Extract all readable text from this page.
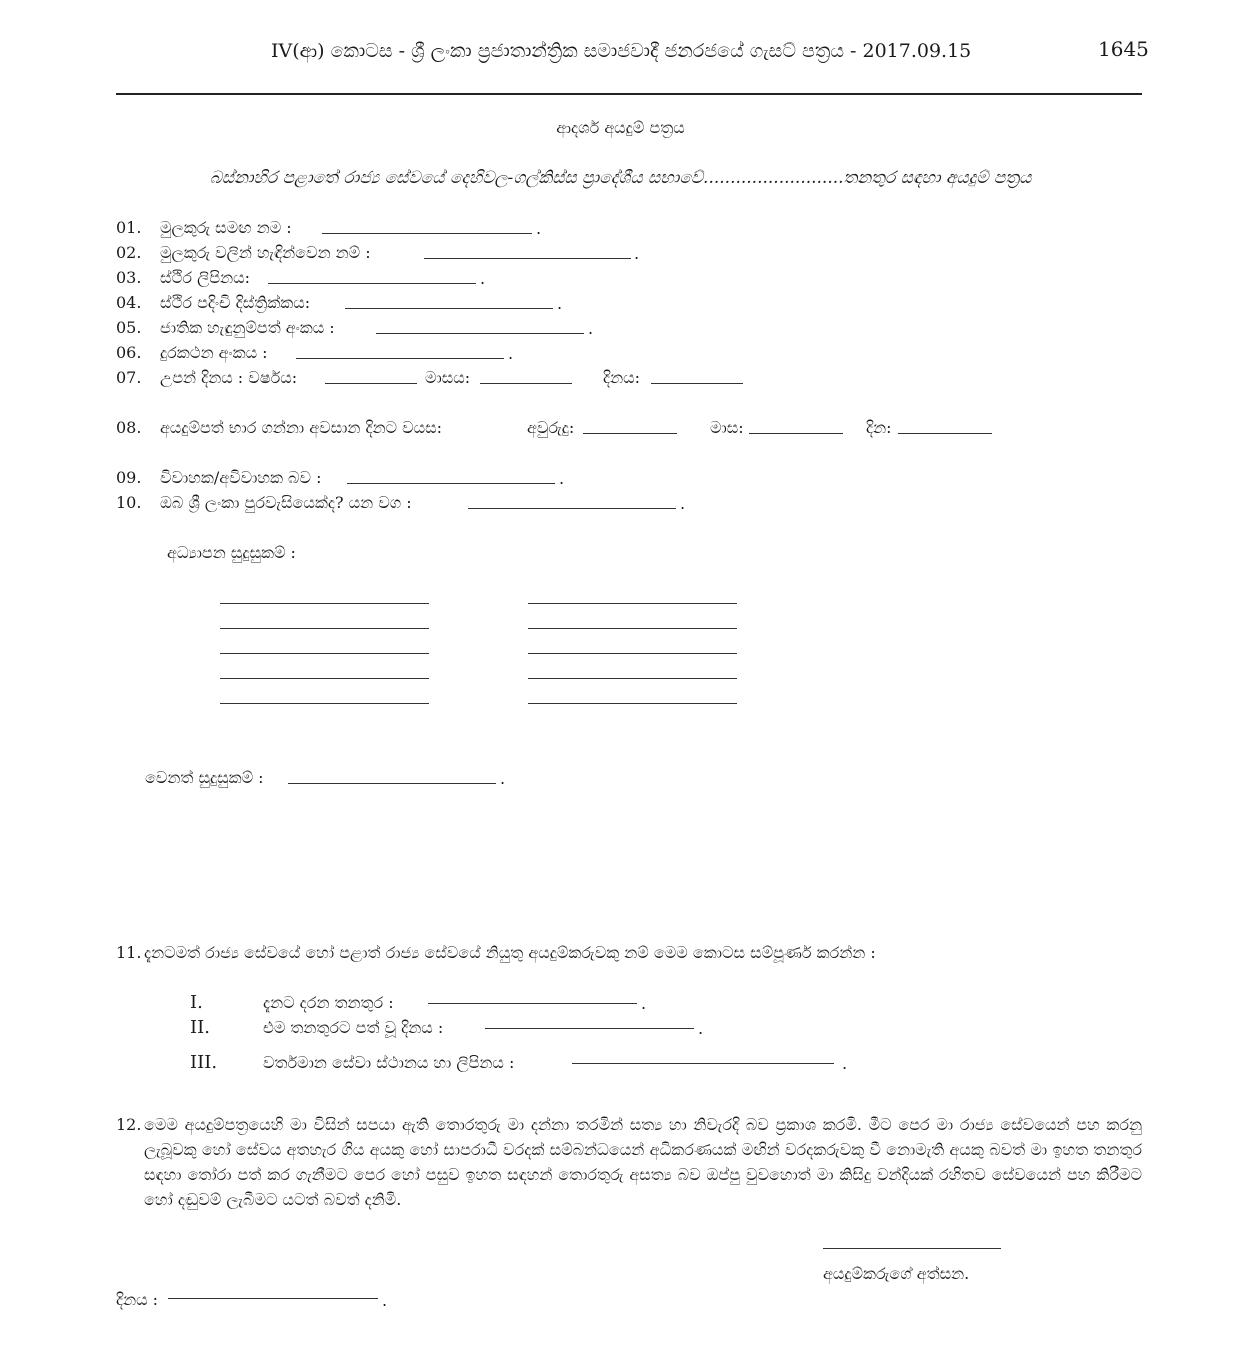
IV(ආ) කොටස - ශ්‍රී ලංකා ප්‍රජාතාන්ත්‍රික සමාජවාදී ජනරජයේ ගැසට් පත්‍රය - 2017.09.15	1645
ආදර්ශ අයදුම් පත්‍රය
බස්නාහිර පළාතේ රාජ්‍ය සේවයේ දෙහිවල-ගල්කිස්ස ප්‍රාදේශීය සභාවේ..........................තනතුර සඳහා අයදුම් පත්‍රය
01. මුලකුරු සමඟ නම :	.
02. මුලකුරු වලින් හැඳින්වෙන නම් :	.
03. ස්ථිර ලිපිනය:	.
04. ස්ථිර පදිංචි දිස්ත්‍රික්කය:	.
05. ජාතික හැඳුනුම්පත් අංකය :	.
06. දුරකථන අංකය :	.
07. උපන් දිනය : වර්ෂය:	මාසය:	දිනය:
08. අයදුම්පත් භාර ගන්නා අවසාන දිනට වයස:	අවුරුදු:	මාස:	දින:
09. විවාහක/අවිවාහක බව :	.
10. ඔබ ශ්‍රී ලංකා පුරවැසියෙක්ද? යන වග :	.
අධ්‍යාපන සුදුසුකම් :
වෙනත් සුදුසුකම් :	.
11. දැනටමත් රාජ්‍ය සේවයේ හෝ පළාත් රාජ්‍ය සේවයේ නියුතු අයදුම්කරුවකු නම් මෙම කොටස සම්පූර්ණ කරන්න :
I.	දැනට දරන තනතුර :	.
II.	එම තනතුරට පත් වූ දිනය :	.
III.	වර්තමාන සේවා ස්ථානය හා ලිපිනය :	.
12. මෙම අයදුම්පත්‍රයෙහි මා විසින් සපයා ඇති තොරතුරු මා දන්නා තරමින් සත්‍ය හා නිවැරදි බව ප්‍රකාශ කරමි. මීට පෙර මා රාජ්‍ය සේවයෙන් පහ කරනු ලැබූවකු හෝ සේවය අතහැර ගිය අයකු හෝ සාපරාධී වරදක් සම්බන්ධයෙන් අධිකරණයක් මඟින් වරදකරුවකු වී නොමැති අයකු බවත් මා ඉහත තනතුර සඳහා තෝරා පත් කර ගැනීමට පෙර හෝ පසුව ඉහත සඳහන් තොරතුරු අසත්‍ය බව ඔප්පු වුවහොත් මා කිසිදු වන්දියක් රහිතව සේවයෙන් පහ කිරීමට හෝ දඬුවම් ලැබීමට යටත් බවත් දනිමි.
අයදුම්කරුගේ අත්සන.
දිනය :	.
